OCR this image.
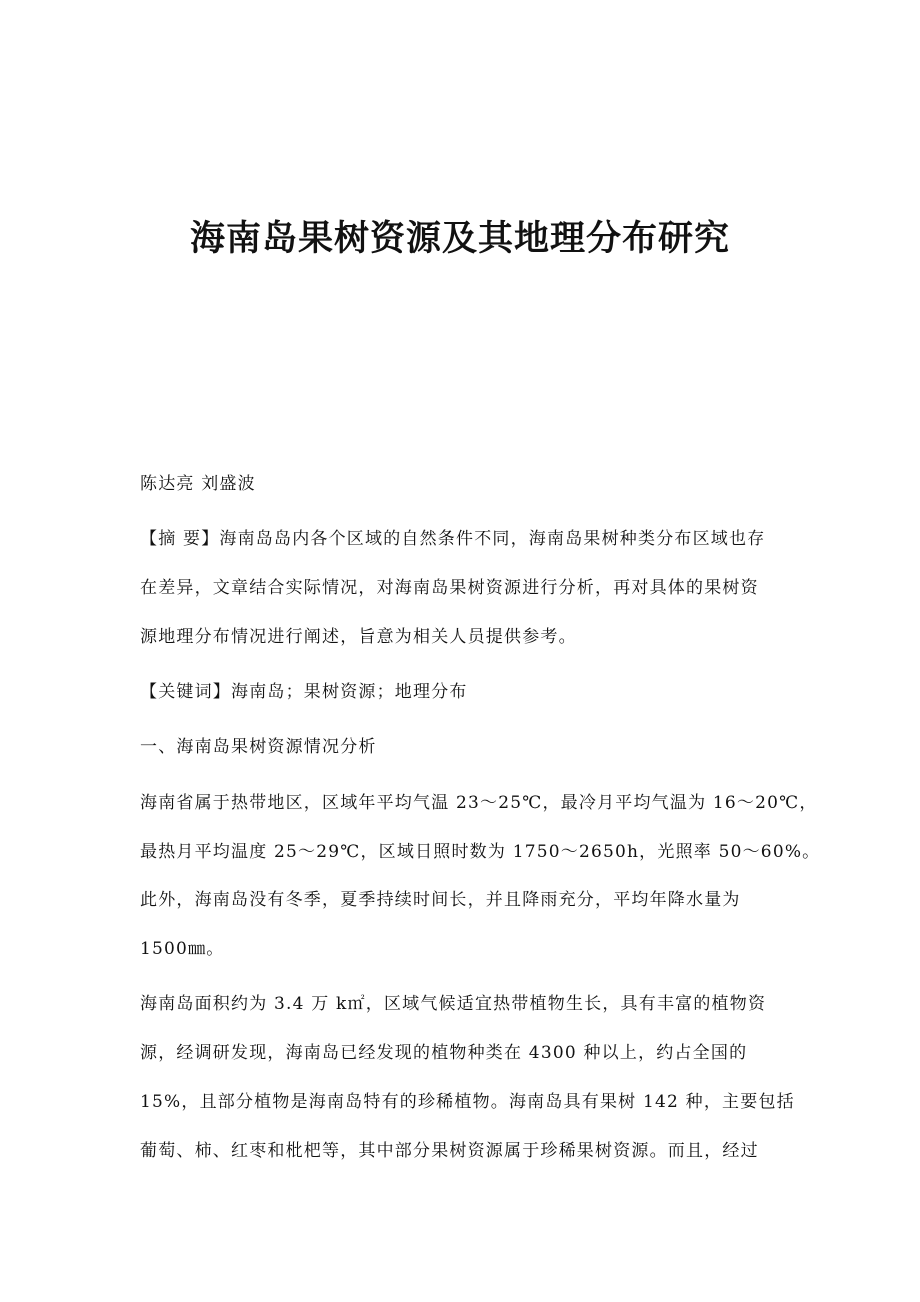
海南岛果树资源及其地理分布研究
陈达亮 刘盛波
【摘 要】海南岛岛内各个区域的自然条件不同，海南岛果树种类分布区域也存
在差异，文章结合实际情况，对海南岛果树资源进行分析，再对具体的果树资
源地理分布情况进行阐述，旨意为相关人员提供参考。
【关键词】海南岛；果树资源；地理分布
一、海南岛果树资源情况分析
海南省属于热带地区，区域年平均气温 23～25℃，最冷月平均气温为 16～20℃，
最热月平均温度 25～29℃，区域日照时数为 1750～2650h，光照率 50～60%。
此外，海南岛没有冬季，夏季持续时间长，并且降雨充分，平均年降水量为
1500㎜。
海南岛面积约为 3.4 万 k㎡，区域气候适宜热带植物生长，具有丰富的植物资
源，经调研发现，海南岛已经发现的植物种类在 4300 种以上，约占全国的
15%，且部分植物是海南岛特有的珍稀植物。海南岛具有果树 142 种，主要包括
葡萄、柿、红枣和枇杷等，其中部分果树资源属于珍稀果树资源。而且，经过
